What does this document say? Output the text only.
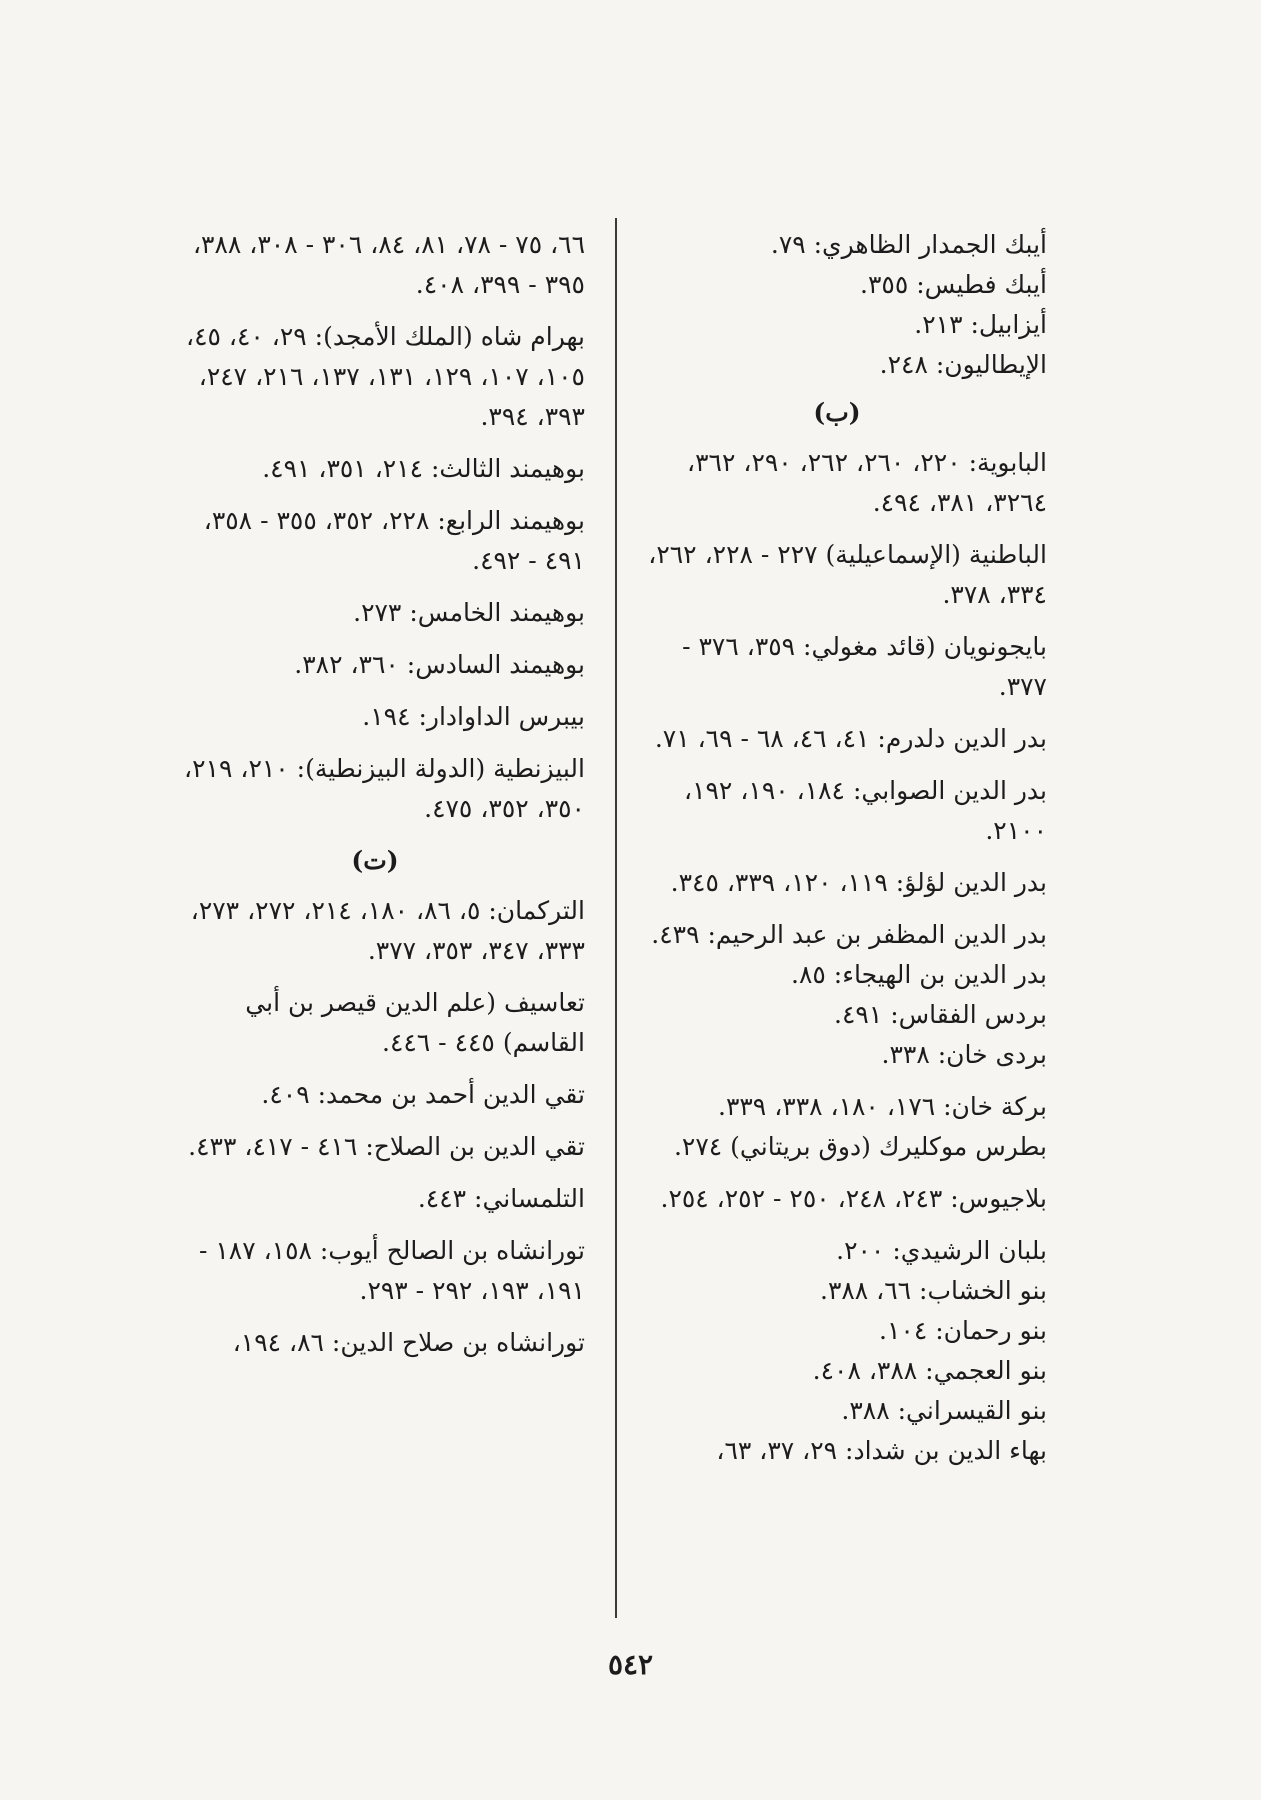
أيبك الجمدار الظاهري: ٧٩.
أيبك فطيس: ٣٥٥.
أيزابيل: ٢١٣.
الإيطاليون: ٢٤٨.
(ب)
البابوية: ٢٢٠، ٢٦٠، ٢٦٢، ٢٩٠، ٣٦٢، ٣٢٦٤، ٣٨١، ٤٩٤.
الباطنية (الإسماعيلية) ٢٢٧ - ٢٢٨، ٢٦٢، ٣٣٤، ٣٧٨.
بايجونويان (قائد مغولي: ٣٥٩، ٣٧٦ - ٣٧٧.
بدر الدين دلدرم: ٤١، ٤٦، ٦٨ - ٦٩، ٧١.
بدر الدين الصوابي: ١٨٤، ١٩٠، ١٩٢، ٢١٠٠.
بدر الدين لؤلؤ: ١١٩، ١٢٠، ٣٣٩، ٣٤٥.
بدر الدين المظفر بن عبد الرحيم: ٤٣٩.
بدر الدين بن الهيجاء: ٨٥.
بردس الفقاس: ٤٩١.
بردى خان: ٣٣٨.
بركة خان: ١٧٦، ١٨٠، ٣٣٨، ٣٣٩.
بطرس موكليرك (دوق بريتاني) ٢٧٤.
بلاجيوس: ٢٤٣، ٢٤٨، ٢٥٠ - ٢٥٢، ٢٥٤.
بلبان الرشيدي: ٢٠٠.
بنو الخشاب: ٦٦، ٣٨٨.
بنو رحمان: ١٠٤.
بنو العجمي: ٣٨٨، ٤٠٨.
بنو القيسراني: ٣٨٨.
بهاء الدين بن شداد: ٢٩، ٣٧، ٦٣،
٦٦، ٧٥ - ٧٨، ٨١، ٨٤، ٣٠٦ - ٣٠٨، ٣٨٨، ٣٩٥ - ٣٩٩، ٤٠٨.
بهرام شاه (الملك الأمجد): ٢٩، ٤٠، ٤٥، ١٠٥، ١٠٧، ١٢٩، ١٣١، ١٣٧، ٢١٦، ٢٤٧، ٣٩٣، ٣٩٤.
بوهيمند الثالث: ٢١٤، ٣٥١، ٤٩١.
بوهيمند الرابع: ٢٢٨، ٣٥٢، ٣٥٥ - ٣٥٨، ٤٩١ - ٤٩٢.
بوهيمند الخامس: ٢٧٣.
بوهيمند السادس: ٣٦٠، ٣٨٢.
بيبرس الداوادار: ١٩٤.
البيزنطية (الدولة البيزنطية): ٢١٠، ٢١٩، ٣٥٠، ٣٥٢، ٤٧٥.
(ت)
التركمان: ٥، ٨٦، ١٨٠، ٢١٤، ٢٧٢، ٢٧٣، ٣٣٣، ٣٤٧، ٣٥٣، ٣٧٧.
تعاسيف (علم الدين قيصر بن أبي القاسم) ٤٤٥ - ٤٤٦.
تقي الدين أحمد بن محمد: ٤٠٩.
تقي الدين بن الصلاح: ٤١٦ - ٤١٧، ٤٣٣.
التلمساني: ٤٤٣.
تورانشاه بن الصالح أيوب: ١٥٨، ١٨٧ - ١٩١، ١٩٣، ٢٩٢ - ٢٩٣.
تورانشاه بن صلاح الدين: ٨٦، ١٩٤،
٥٤٢
